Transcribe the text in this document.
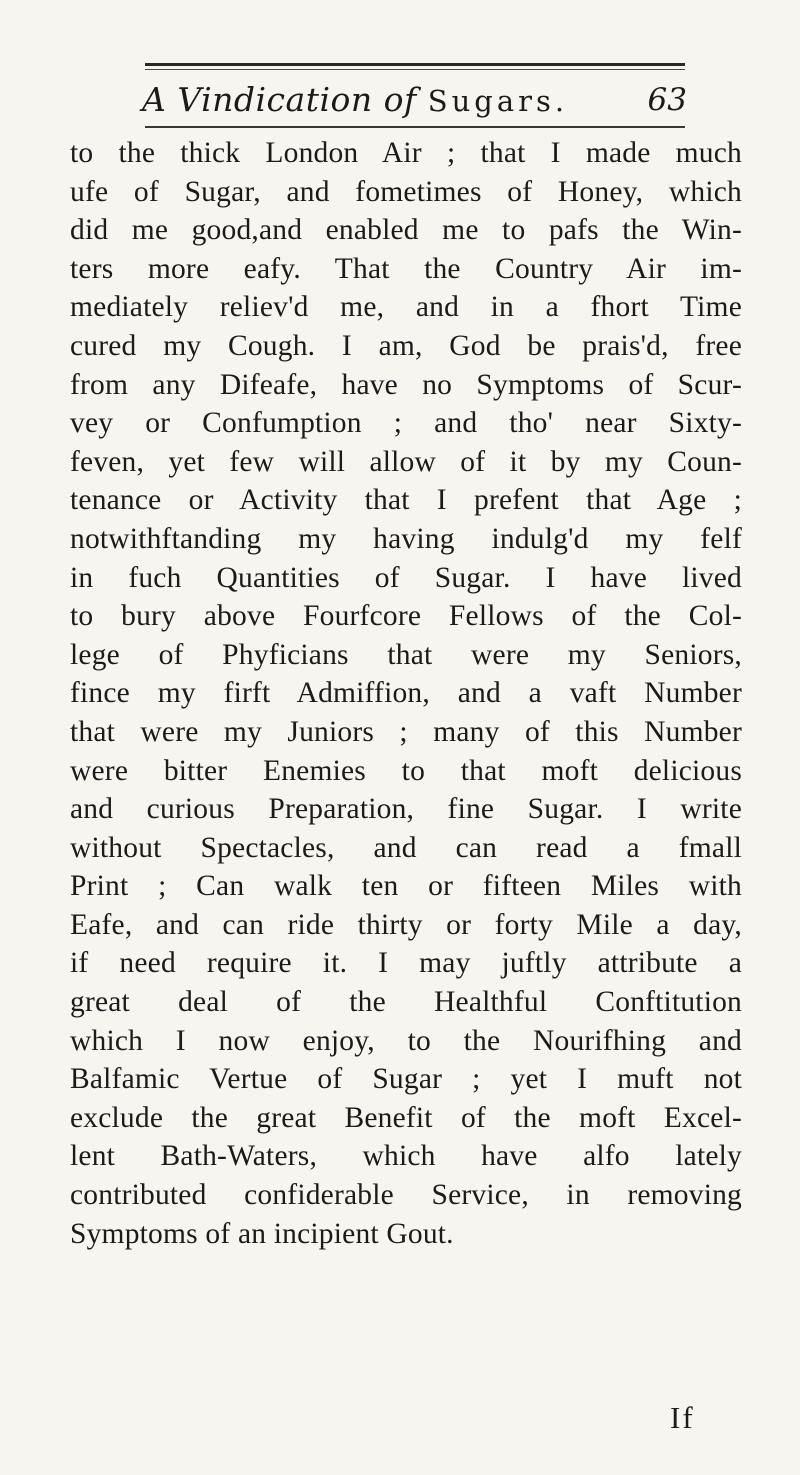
A Vindication of Sugars.	63
to the thick London Air ; that I made much
ufe of Sugar, and fometimes of Honey, which
did me good,and enabled me to pafs the Win-
ters more eafy. That the Country Air im-
mediately reliev'd me, and in a fhort Time
cured my Cough. I am, God be prais'd, free
from any Difeafe, have no Symptoms of Scur-
vey or Confumption ; and tho' near Sixty-
feven, yet few will allow of it by my Coun-
tenance or Activity that I prefent that Age ;
notwithftanding my having indulg'd my felf
in fuch Quantities of Sugar. I have lived
to bury above Fourfcore Fellows of the Col-
lege of Phyficians that were my Seniors,
fince my firft Admiffion, and a vaft Number
that were my Juniors ; many of this Number
were bitter Enemies to that moft delicious
and curious Preparation, fine Sugar. I write
without Spectacles, and can read a fmall
Print ; Can walk ten or fifteen Miles with
Eafe, and can ride thirty or forty Mile a day,
if need require it. I may juftly attribute a
great deal of the Healthful Conftitution
which I now enjoy, to the Nourifhing and
Balfamic Vertue of Sugar ; yet I muft not
exclude the great Benefit of the moft Excel-
lent Bath-Waters, which have alfo lately
contributed confiderable Service, in removing
Symptoms of an incipient Gout.
If
